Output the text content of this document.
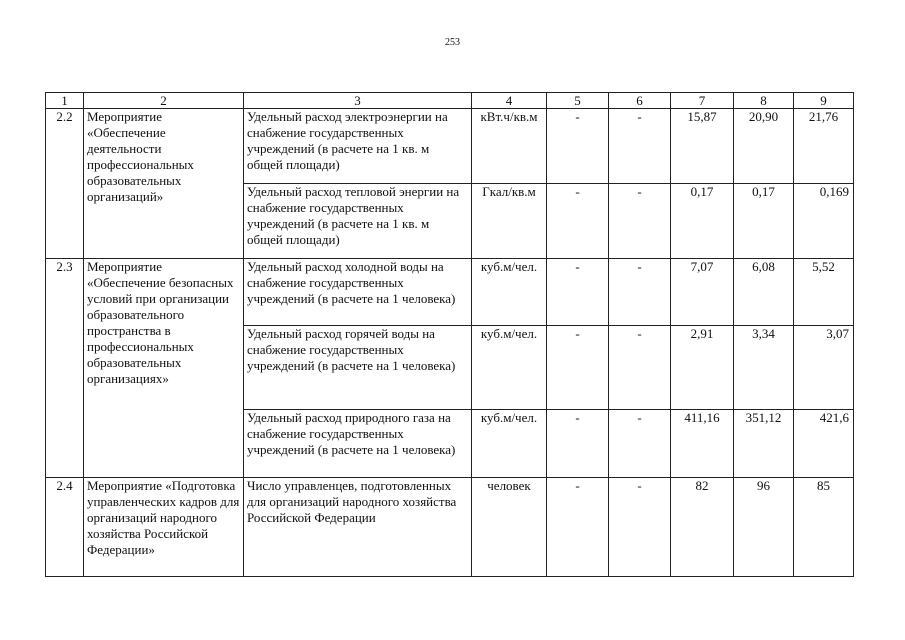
253
1	2	3	4	5	6	7	8	9
2.2	Мероприятие «Обеспечение деятельности профессиональных образовательных организаций»	Удельный расход электроэнергии на снабжение государственных учреждений (в расчете на 1 кв. м общей площади)	кВт.ч/кв.м	-	-	15,87	20,90	21,76
		Удельный расход тепловой энергии на снабжение государственных учреждений (в расчете на 1 кв. м общей площади)	Гкал/кв.м	-	-	0,17	0,17	0,169
2.3	Мероприятие «Обеспечение безопасных условий при организации образовательного пространства в профессиональных образовательных организациях»	Удельный расход холодной воды на снабжение государственных учреждений (в расчете на 1 человека)	куб.м/чел.	-	-	7,07	6,08	5,52
		Удельный расход горячей воды на снабжение государственных учреждений (в расчете на 1 человека)	куб.м/чел.	-	-	2,91	3,34	3,07
		Удельный расход природного газа на снабжение государственных учреждений (в расчете на 1 человека)	куб.м/чел.	-	-	411,16	351,12	421,6
2.4	Мероприятие «Подготовка управленческих кадров для организаций народного хозяйства Российской Федерации»	Число управленцев, подготовленных для организаций народного хозяйства Российской Федерации	человек	-	-	82	96	85
